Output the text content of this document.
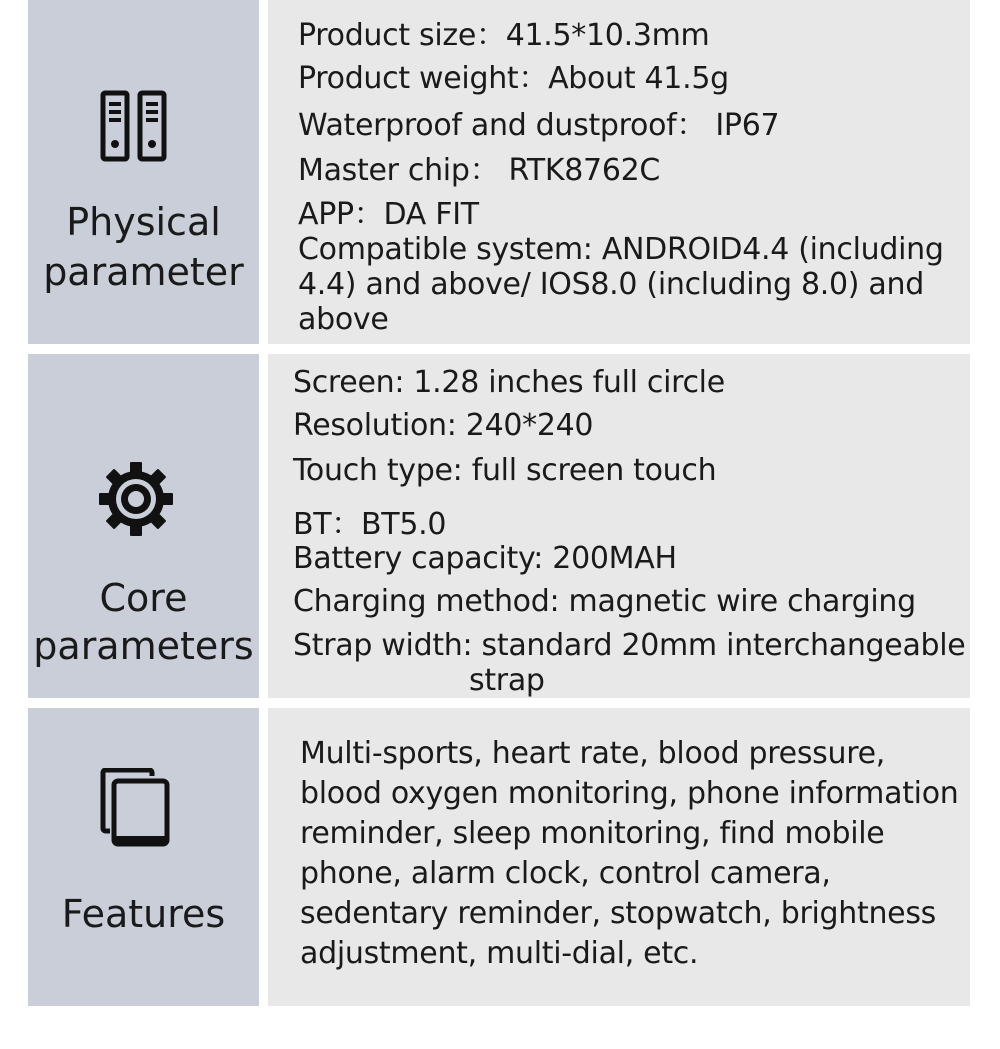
Physical
parameter
Product size：41.5*10.3mm
Product weight：About 41.5g
Waterproof and dustproof： IP67
Master chip： RTK8762C
APP：DA FIT
Compatible system: ANDROID4.4 (including
4.4) and above/ IOS8.0 (including 8.0) and
above
Core
parameters
Screen: 1.28 inches full circle
Resolution: 240*240
Touch type: full screen touch
BT：BT5.0
Battery capacity: 200MAH
Charging method: magnetic wire charging
Strap width: standard 20mm interchangeable
strap
Features
Multi-sports, heart rate, blood pressure,
blood oxygen monitoring, phone information
reminder, sleep monitoring, find mobile
phone, alarm clock, control camera,
sedentary reminder, stopwatch, brightness
adjustment, multi-dial, etc.
